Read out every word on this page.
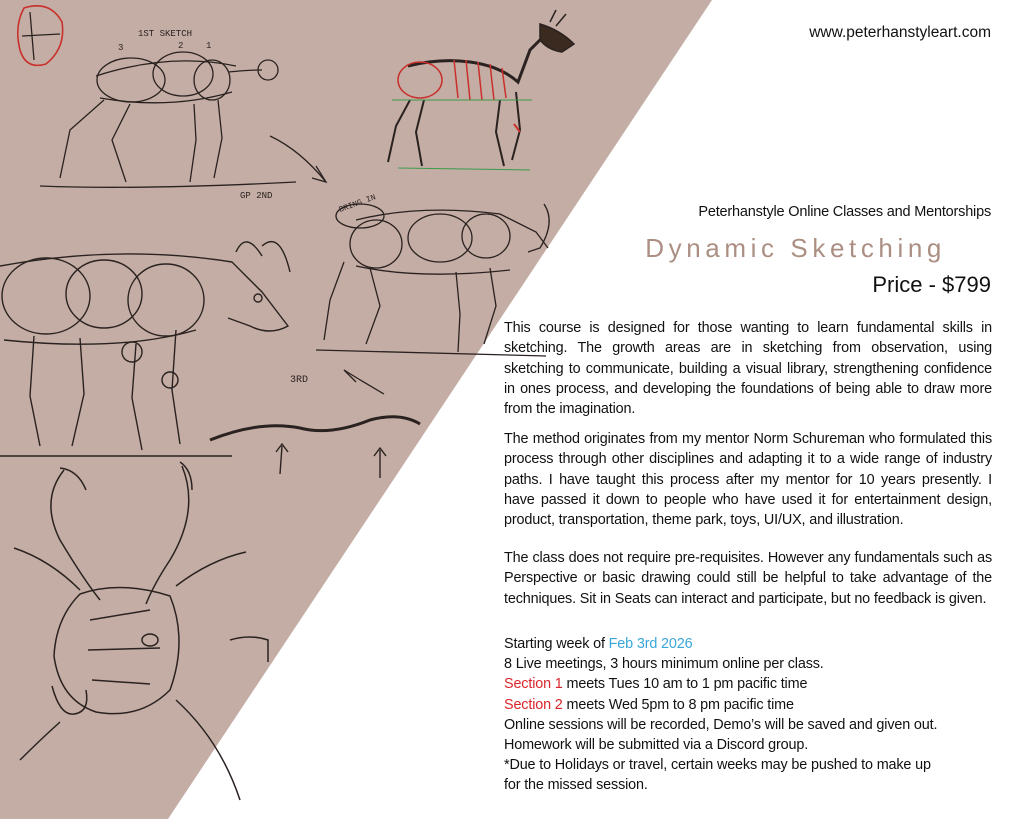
1ST SKETCH
3	2	1
GP 2ND	BRING IN
3RD
www.peterhanstyleart.com
Peterhanstyle Online Classes and Mentorships
Dynamic Sketching
Price - $799

This course is designed for those wanting to learn fundamental skills in sketching. The growth areas are in sketching from observation, using sketching to communicate, building a visual library, strengthening confidence in ones process, and developing the foundations of being able to draw more from the imagination.

The method originates from my mentor Norm Schureman who formulated this process through other disciplines and adapting it to a wide range of industry paths. I have taught this process after my mentor for 10 years presently. I have passed it down to people who have used it for entertainment design, product, transportation, theme park, toys, UI/UX, and illustration.

The class does not require pre-requisites. However any fundamentals such as Perspective or basic drawing could still be helpful to take advantage of the techniques. Sit in Seats can interact and participate, but no feedback is given.

Starting week of Feb 3rd 2026
8 Live meetings, 3 hours minimum online per class.
Section 1 meets Tues 10 am to 1 pm pacific time
Section 2 meets Wed 5pm to 8 pm pacific time
Online sessions will be recorded, Demo’s will be saved and given out.
Homework will be submitted via a Discord group.
*Due to Holidays or travel, certain weeks may be pushed to make up
for the missed session.
